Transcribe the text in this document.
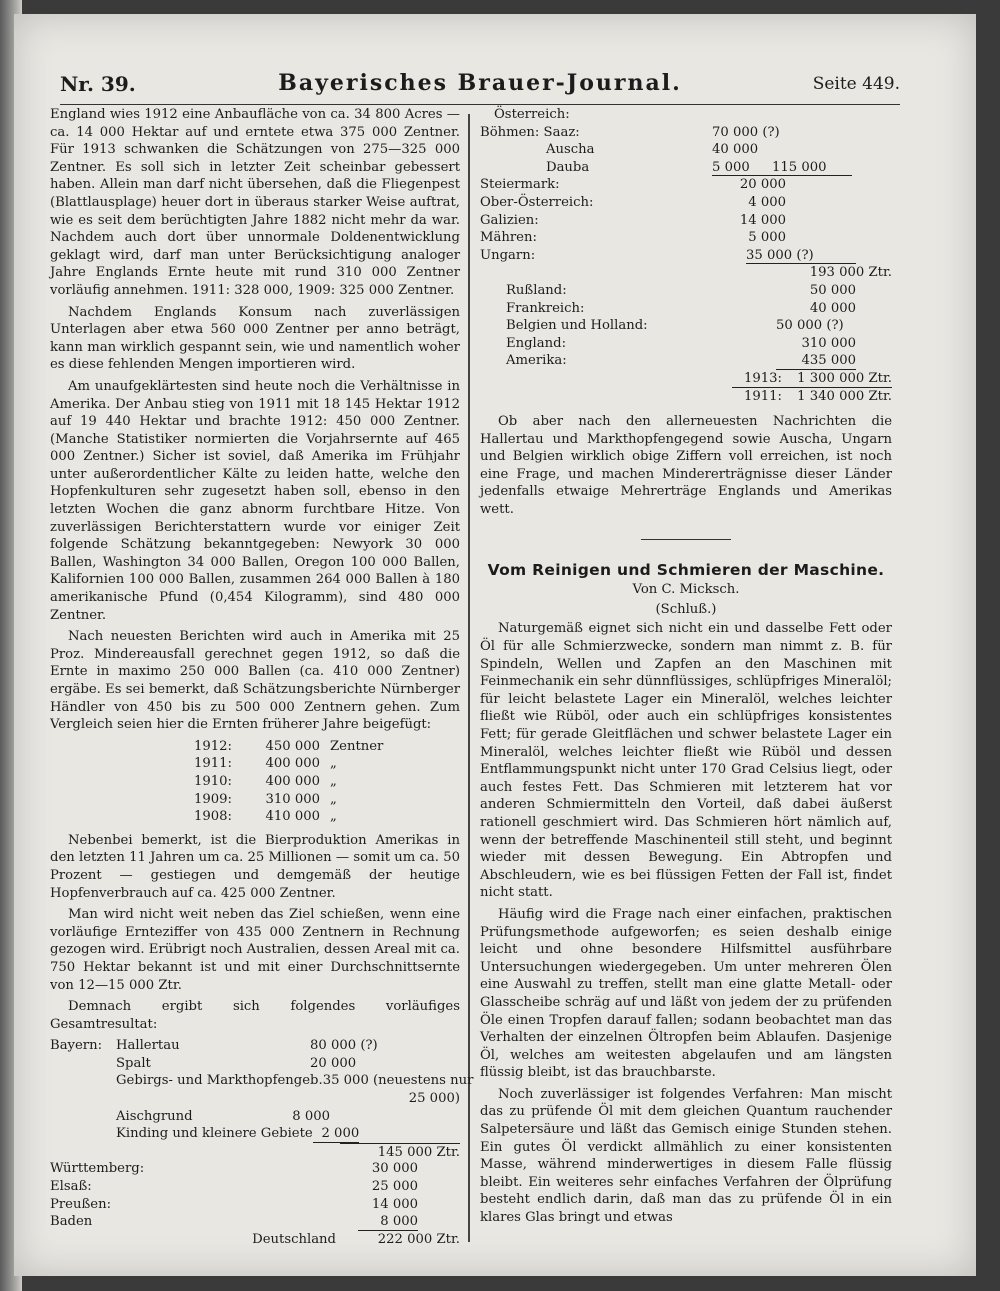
Nr. 39.	Bayerisches Brauer-Journal.	Seite 449.

England wies 1912 eine Anbaufläche von ca. 34 800 Acres — ca. 14 000 Hektar auf und erntete etwa 375 000 Zentner. Für 1913 schwanken die Schätzungen von 275—325 000 Zentner. Es soll sich in letzter Zeit scheinbar gebessert haben. Allein man darf nicht übersehen, daß die Fliegenpest (Blattlausplage) heuer dort in überaus starker Weise auftrat, wie es seit dem berüchtigten Jahre 1882 nicht mehr da war. Nachdem auch dort über unnormale Doldenentwicklung geklagt wird, darf man unter Berücksichtigung analoger Jahre Englands Ernte heute mit rund 310 000 Zentner vorläufig annehmen. 1911: 328 000, 1909: 325 000 Zentner.

Nachdem Englands Konsum nach zuverlässigen Unterlagen aber etwa 560 000 Zentner per anno beträgt, kann man wirklich gespannt sein, wie und namentlich woher es diese fehlenden Mengen importieren wird.

Am unaufgeklärtesten sind heute noch die Verhältnisse in Amerika. Der Anbau stieg von 1911 mit 18 145 Hektar 1912 auf 19 440 Hektar und brachte 1912: 450 000 Zentner. (Manche Statistiker normierten die Vorjahrsernte auf 465 000 Zentner.) Sicher ist soviel, daß Amerika im Frühjahr unter außerordentlicher Kälte zu leiden hatte, welche den Hopfenkulturen sehr zugesetzt haben soll, ebenso in den letzten Wochen die ganz abnorm furchtbare Hitze. Von zuverlässigen Berichterstattern wurde vor einiger Zeit folgende Schätzung bekanntgegeben: Newyork 30 000 Ballen, Washington 34 000 Ballen, Oregon 100 000 Ballen, Kalifornien 100 000 Ballen, zusammen 264 000 Ballen à 180 amerikanische Pfund (0,454 Kilogramm), sind 480 000 Zentner.

Nach neuesten Berichten wird auch in Amerika mit 25 Proz. Mindereausfall gerechnet gegen 1912, so daß die Ernte in maximo 250 000 Ballen (ca. 410 000 Zentner) ergäbe. Es sei bemerkt, daß Schätzungsberichte Nürnberger Händler von 450 bis zu 500 000 Zentnern gehen. Zum Vergleich seien hier die Ernten früherer Jahre beigefügt:

1912:	450 000 Zentner
1911:	400 000 „
1910:	400 000 „
1909:	310 000 „
1908:	410 000 „

Nebenbei bemerkt, ist die Bierproduktion Amerikas in den letzten 11 Jahren um ca. 25 Millionen — somit um ca. 50 Prozent — gestiegen und demgemäß der heutige Hopfenverbrauch auf ca. 425 000 Zentner.

Man wird nicht weit neben das Ziel schießen, wenn eine vorläufige Ernteziffer von 435 000 Zentnern in Rechnung gezogen wird. Erübrigt noch Australien, dessen Areal mit ca. 750 Hektar bekannt ist und mit einer Durchschnittsernte von 12—15 000 Ztr.

Demnach ergibt sich folgendes vorläufiges Gesamtresultat:

Bayern:	Hallertau	80 000 (?)
Spalt	20 000
Gebirgs- und Markthopfengeb. 35 000 (neuestens nur
25 000)
Aischgrund	8 000
Kinding und kleinere Gebiete 2 000
145 000 Ztr.
Württemberg:	30 000
Elsaß:	25 000
Preußen:	14 000
Baden	8 000
Deutschland	222 000 Ztr.
Österreich:
Böhmen: Saaz:	70 000 (?)
Auscha	40 000
Dauba	5 000	115 000
Steiermark:	20 000
Ober-Österreich:	4 000
Galizien:	14 000
Mähren:	5 000
Ungarn:	35 000 (?)
193 000 Ztr.
Rußland:	50 000
Frankreich:	40 000
Belgien und Holland:	50 000 (?)
England:	310 000
Amerika:	435 000
1913:	1 300 000 Ztr.
1911:	1 340 000 Ztr.

Ob aber nach den allerneuesten Nachrichten die Hallertau und Markthopfengegend sowie Auscha, Ungarn und Belgien wirklich obige Ziffern voll erreichen, ist noch eine Frage, und machen Mindererträgnisse dieser Länder jedenfalls etwaige Mehrerträge Englands und Amerikas wett.

Vom Reinigen und Schmieren der Maschine.
Von C. Micksch.
(Schluß.)

Naturgemäß eignet sich nicht ein und dasselbe Fett oder Öl für alle Schmierzwecke, sondern man nimmt z. B. für Spindeln, Wellen und Zapfen an den Maschinen mit Feinmechanik ein sehr dünnflüssiges, schlüpfriges Mineralöl; für leicht belastete Lager ein Mineralöl, welches leichter fließt wie Rüböl, oder auch ein schlüpfriges konsistentes Fett; für gerade Gleitflächen und schwer belastete Lager ein Mineralöl, welches leichter fließt wie Rüböl und dessen Entflammungspunkt nicht unter 170 Grad Celsius liegt, oder auch festes Fett. Das Schmieren mit letzterem hat vor anderen Schmiermitteln den Vorteil, daß dabei äußerst rationell geschmiert wird. Das Schmieren hört nämlich auf, wenn der betreffende Maschinenteil still steht, und beginnt wieder mit dessen Bewegung. Ein Abtropfen und Abschleudern, wie es bei flüssigen Fetten der Fall ist, findet nicht statt.

Häufig wird die Frage nach einer einfachen, praktischen Prüfungsmethode aufgeworfen; es seien deshalb einige leicht und ohne besondere Hilfsmittel ausführbare Untersuchungen wiedergegeben. Um unter mehreren Ölen eine Auswahl zu treffen, stellt man eine glatte Metall- oder Glasscheibe schräg auf und läßt von jedem der zu prüfenden Öle einen Tropfen darauf fallen; sodann beobachtet man das Verhalten der einzelnen Öltropfen beim Ablaufen. Dasjenige Öl, welches am weitesten abgelaufen und am längsten flüssig bleibt, ist das brauchbarste.

Noch zuverlässiger ist folgendes Verfahren: Man mischt das zu prüfende Öl mit dem gleichen Quantum rauchender Salpetersäure und läßt das Gemisch einige Stunden stehen. Ein gutes Öl verdickt allmählich zu einer konsistenten Masse, während minderwertiges in diesem Falle flüssig bleibt. Ein weiteres sehr einfaches Verfahren der Ölprüfung besteht endlich darin, daß man das zu prüfende Öl in ein klares Glas bringt und etwas
